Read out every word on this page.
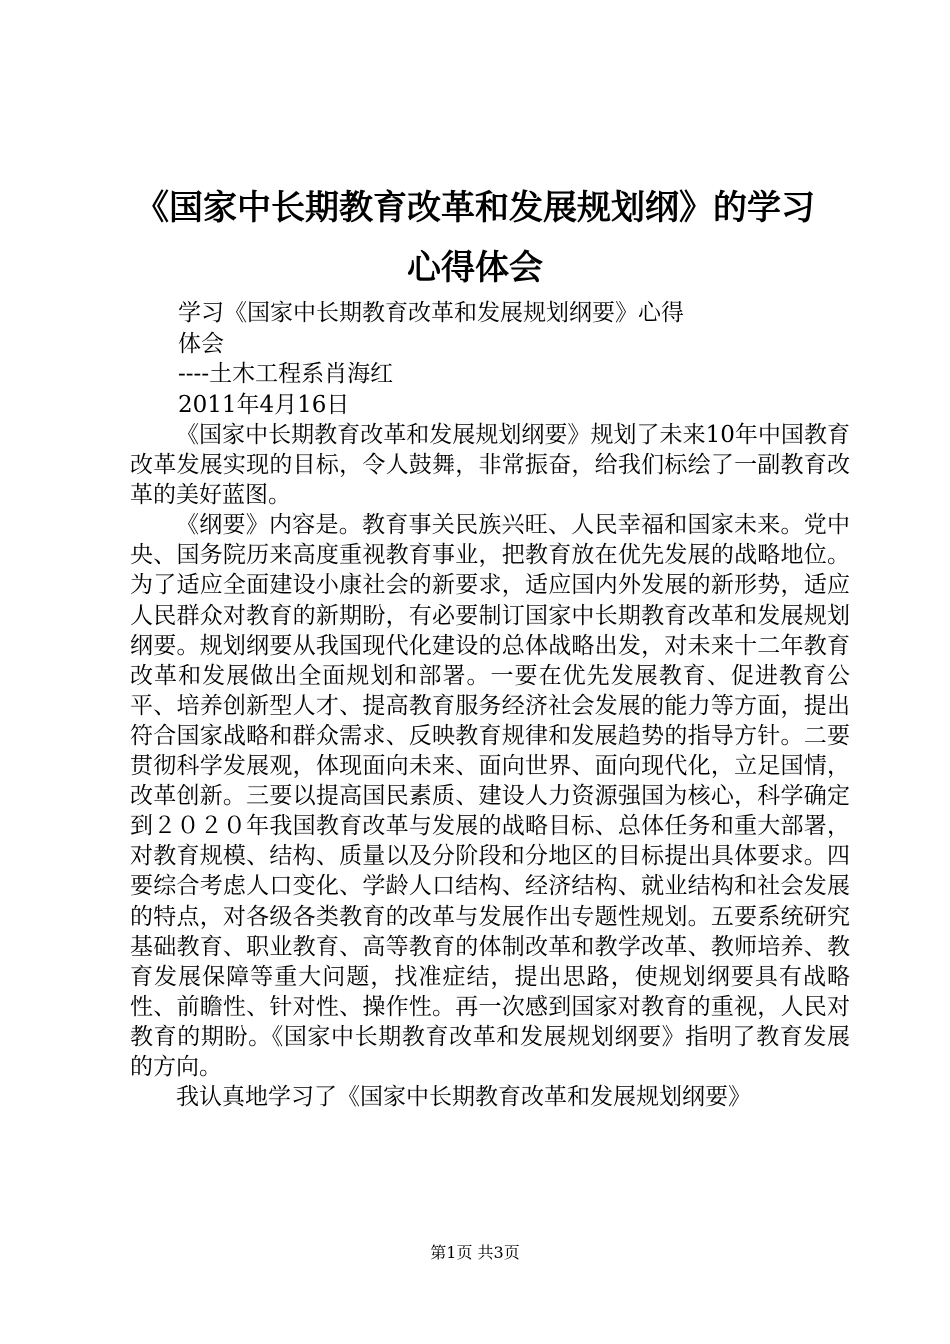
《国家中长期教育改革和发展规划纲》的学习
心得体会

学习《国家中长期教育改革和发展规划纲要》心得

体会

----土木工程系肖海红

2011年4月16日

《国家中长期教育改革和发展规划纲要》规划了未来10年中国教育改革发展实现的目标，令人鼓舞，非常振奋，给我们标绘了一副教育改革的美好蓝图。

《纲要》内容是。教育事关民族兴旺、人民幸福和国家未来。党中央、国务院历来高度重视教育事业，把教育放在优先发展的战略地位。为了适应全面建设小康社会的新要求，适应国内外发展的新形势，适应人民群众对教育的新期盼，有必要制订国家中长期教育改革和发展规划纲要。规划纲要从我国现代化建设的总体战略出发，对未来十二年教育改革和发展做出全面规划和部署。一要在优先发展教育、促进教育公平、培养创新型人才、提高教育服务经济社会发展的能力等方面，提出符合国家战略和群众需求、反映教育规律和发展趋势的指导方针。二要贯彻科学发展观，体现面向未来、面向世界、面向现代化，立足国情，改革创新。三要以提高国民素质、建设人力资源强国为核心，科学确定到２０２０年我国教育改革与发展的战略目标、总体任务和重大部署，对教育规模、结构、质量以及分阶段和分地区的目标提出具体要求。四要综合考虑人口变化、学龄人口结构、经济结构、就业结构和社会发展的特点，对各级各类教育的改革与发展作出专题性规划。五要系统研究基础教育、职业教育、高等教育的体制改革和教学改革、教师培养、教育发展保障等重大问题，找准症结，提出思路，使规划纲要具有战略性、前瞻性、针对性、操作性。再一次感到国家对教育的重视，人民对教育的期盼。《国家中长期教育改革和发展规划纲要》指明了教育发展的方向。

我认真地学习了《国家中长期教育改革和发展规划纲要》

第1页 共3页
